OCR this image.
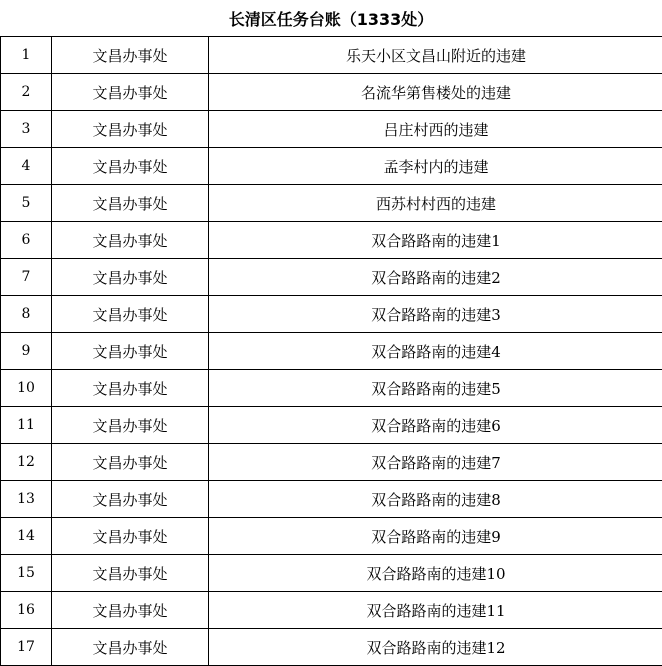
长清区任务台账（1333处）
1	文昌办事处	乐天小区文昌山附近的违建
2	文昌办事处	名流华第售楼处的违建
3	文昌办事处	吕庄村西的违建
4	文昌办事处	孟李村内的违建
5	文昌办事处	西苏村村西的违建
6	文昌办事处	双合路路南的违建1
7	文昌办事处	双合路路南的违建2
8	文昌办事处	双合路路南的违建3
9	文昌办事处	双合路路南的违建4
10	文昌办事处	双合路路南的违建5
11	文昌办事处	双合路路南的违建6
12	文昌办事处	双合路路南的违建7
13	文昌办事处	双合路路南的违建8
14	文昌办事处	双合路路南的违建9
15	文昌办事处	双合路路南的违建10
16	文昌办事处	双合路路南的违建11
17	文昌办事处	双合路路南的违建12
